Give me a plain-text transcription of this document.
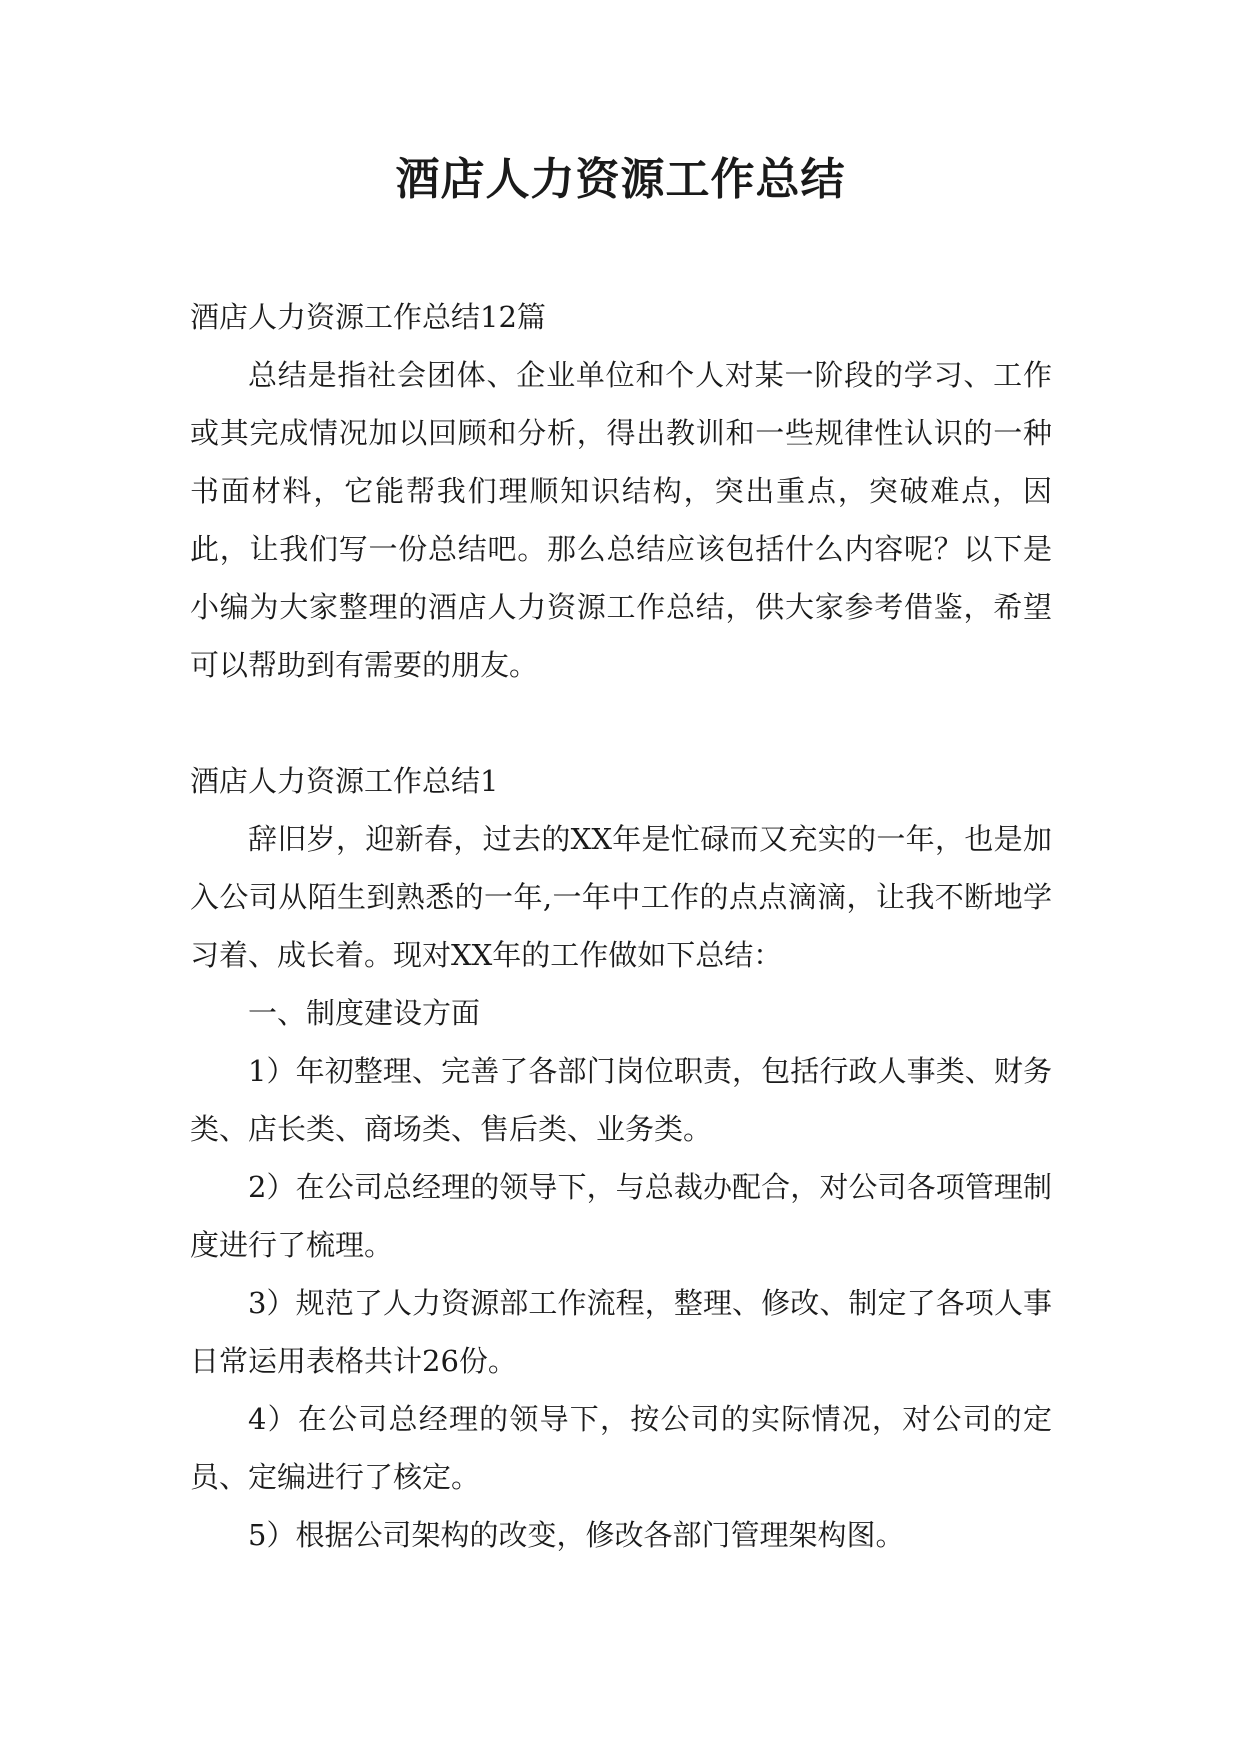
酒店人力资源工作总结

酒店人力资源工作总结12篇

总结是指社会团体、企业单位和个人对某一阶段的学习、工作或其完成情况加以回顾和分析，得出教训和一些规律性认识的一种书面材料，它能帮我们理顺知识结构，突出重点，突破难点，因此，让我们写一份总结吧。那么总结应该包括什么内容呢？以下是小编为大家整理的酒店人力资源工作总结，供大家参考借鉴，希望可以帮助到有需要的朋友。

酒店人力资源工作总结1

辞旧岁，迎新春，过去的XX年是忙碌而又充实的一年，也是加入公司从陌生到熟悉的一年,一年中工作的点点滴滴，让我不断地学习着、成长着。现对XX年的工作做如下总结：

一、制度建设方面

1）年初整理、完善了各部门岗位职责，包括行政人事类、财务类、店长类、商场类、售后类、业务类。

2）在公司总经理的领导下，与总裁办配合，对公司各项管理制度进行了梳理。

3）规范了人力资源部工作流程，整理、修改、制定了各项人事日常运用表格共计26份。

4）在公司总经理的领导下，按公司的实际情况，对公司的定员、定编进行了核定。

5）根据公司架构的改变，修改各部门管理架构图。
